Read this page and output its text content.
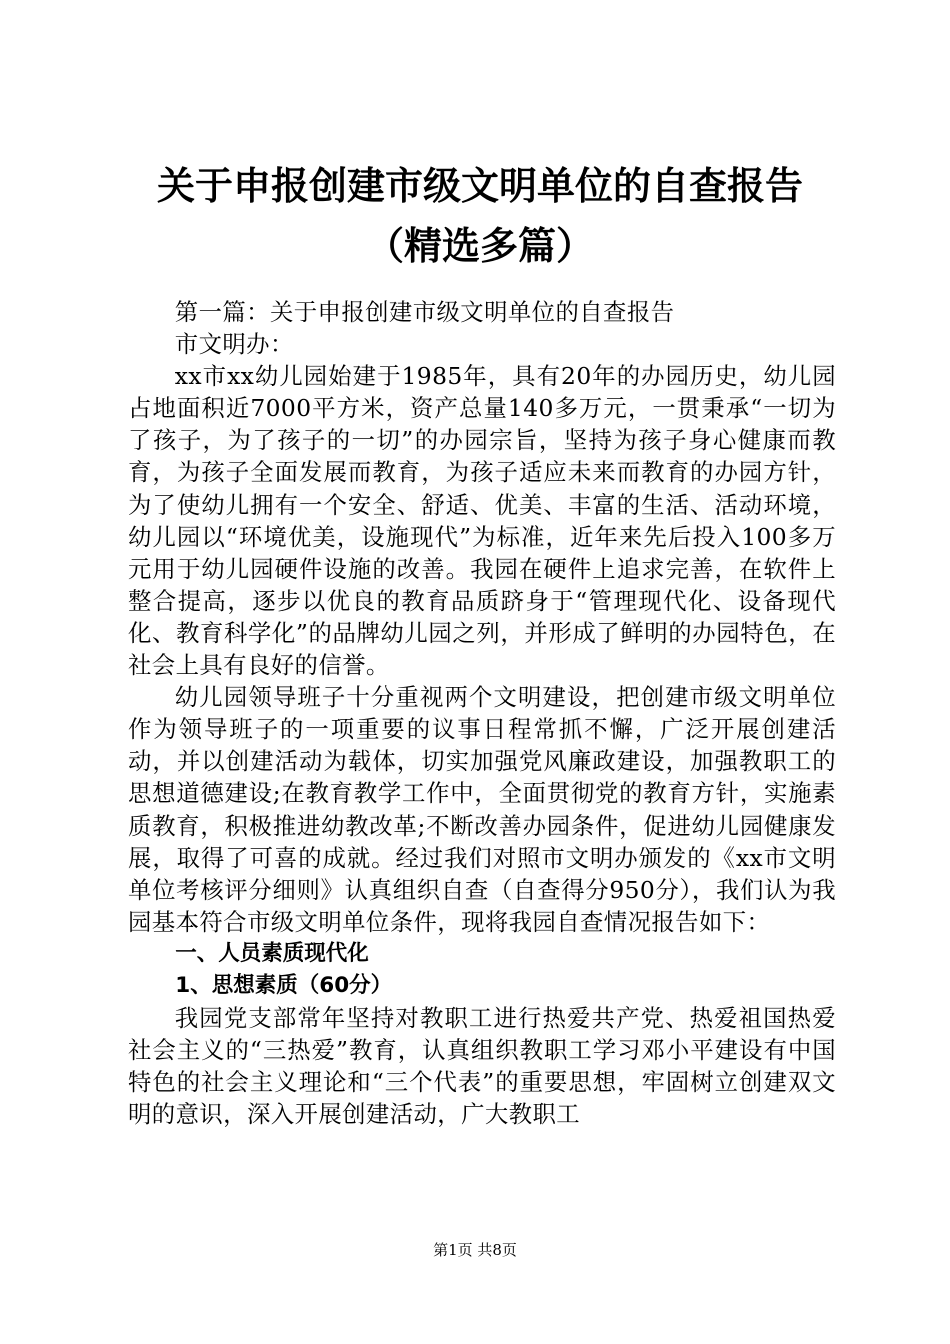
关于申报创建市级文明单位的自查报告（精选多篇）

第一篇：关于申报创建市级文明单位的自查报告

市文明办：

xx市xx幼儿园始建于1985年，具有20年的办园历史，幼儿园占地面积近7000平方米，资产总量140多万元，一贯秉承“一切为了孩子，为了孩子的一切”的办园宗旨，坚持为孩子身心健康而教育，为孩子全面发展而教育，为孩子适应未来而教育的办园方针，为了使幼儿拥有一个安全、舒适、优美、丰富的生活、活动环境，幼儿园以“环境优美，设施现代”为标准，近年来先后投入100多万元用于幼儿园硬件设施的改善。我园在硬件上追求完善，在软件上整合提高，逐步以优良的教育品质跻身于“管理现代化、设备现代化、教育科学化”的品牌幼儿园之列，并形成了鲜明的办园特色，在社会上具有良好的信誉。

幼儿园领导班子十分重视两个文明建设，把创建市级文明单位作为领导班子的一项重要的议事日程常抓不懈，广泛开展创建活动，并以创建活动为载体，切实加强党风廉政建设，加强教职工的思想道德建设;在教育教学工作中，全面贯彻党的教育方针，实施素质教育，积极推进幼教改革;不断改善办园条件，促进幼儿园健康发展，取得了可喜的成就。经过我们对照市文明办颁发的《xx市文明单位考核评分细则》认真组织自查（自查得分950分），我们认为我园基本符合市级文明单位条件，现将我园自查情况报告如下：

一、人员素质现代化

1、思想素质（60分）

我园党支部常年坚持对教职工进行热爱共产党、热爱祖国热爱社会主义的“三热爱”教育，认真组织教职工学习邓小平建设有中国特色的社会主义理论和“三个代表”的重要思想，牢固树立创建双文明的意识，深入开展创建活动，广大教职工

第1页 共8页
